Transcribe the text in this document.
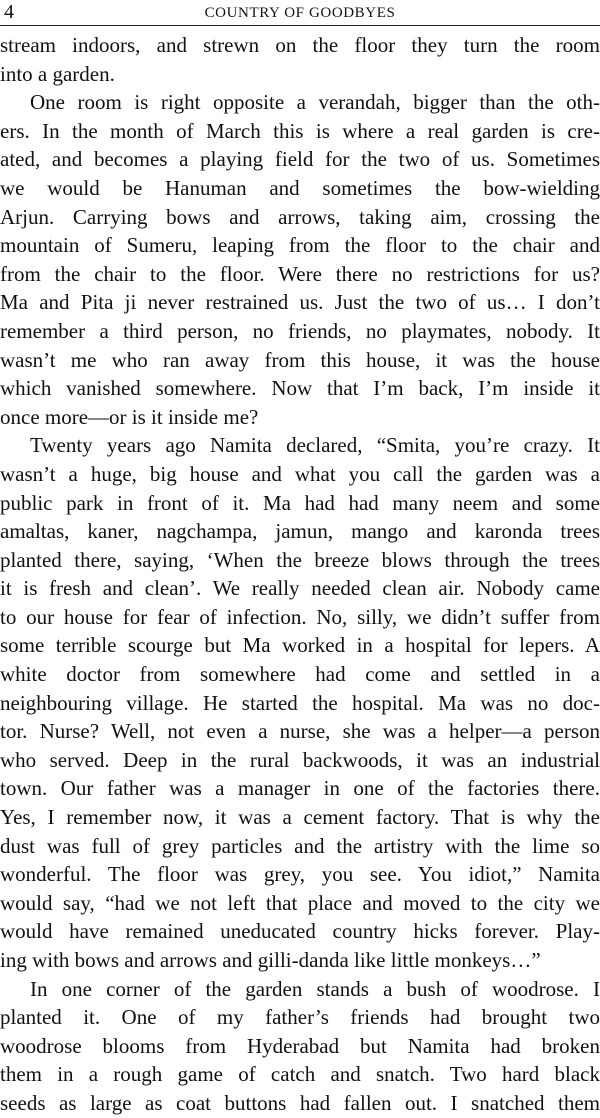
4	COUNTRY OF GOODBYES
stream indoors, and strewn on the floor they turn the room
into a garden.
One room is right opposite a verandah, bigger than the oth-
ers. In the month of March this is where a real garden is cre-
ated, and becomes a playing field for the two of us. Sometimes
we would be Hanuman and sometimes the bow-wielding
Arjun. Carrying bows and arrows, taking aim, crossing the
mountain of Sumeru, leaping from the floor to the chair and
from the chair to the floor. Were there no restrictions for us?
Ma and Pita ji never restrained us. Just the two of us… I don’t
remember a third person, no friends, no playmates, nobody. It
wasn’t me who ran away from this house, it was the house
which vanished somewhere. Now that I’m back, I’m inside it
once more—or is it inside me?
Twenty years ago Namita declared, “Smita, you’re crazy. It
wasn’t a huge, big house and what you call the garden was a
public park in front of it. Ma had had many neem and some
amaltas, kaner, nagchampa, jamun, mango and karonda trees
planted there, saying, ‘When the breeze blows through the trees
it is fresh and clean’. We really needed clean air. Nobody came
to our house for fear of infection. No, silly, we didn’t suffer from
some terrible scourge but Ma worked in a hospital for lepers. A
white doctor from somewhere had come and settled in a
neighbouring village. He started the hospital. Ma was no doc-
tor. Nurse? Well, not even a nurse, she was a helper—a person
who served. Deep in the rural backwoods, it was an industrial
town. Our father was a manager in one of the factories there.
Yes, I remember now, it was a cement factory. That is why the
dust was full of grey particles and the artistry with the lime so
wonderful. The floor was grey, you see. You idiot,” Namita
would say, “had we not left that place and moved to the city we
would have remained uneducated country hicks forever. Play-
ing with bows and arrows and gilli-danda like little monkeys…”
In one corner of the garden stands a bush of woodrose. I
planted it. One of my father’s friends had brought two
woodrose blooms from Hyderabad but Namita had broken
them in a rough game of catch and snatch. Two hard black
seeds as large as coat buttons had fallen out. I snatched them
